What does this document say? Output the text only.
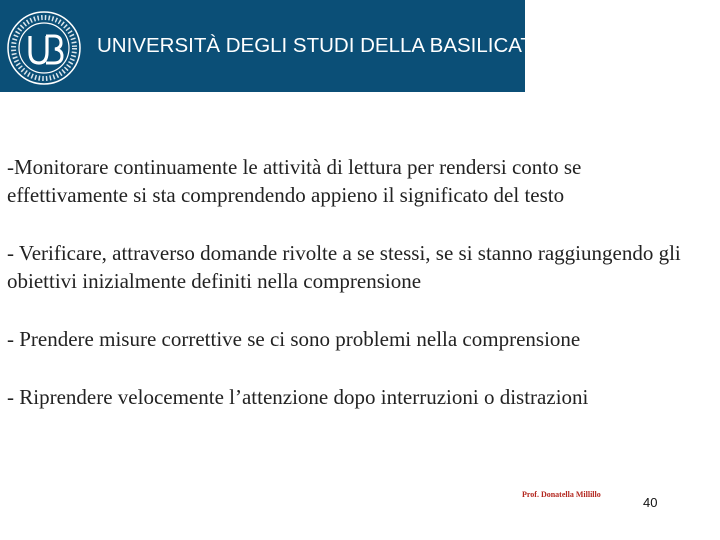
UNIVERSITÀ DEGLI STUDI DELLA BASILICATA

-Monitorare continuamente le attività di lettura per rendersi conto se effettivamente si sta comprendendo appieno il significato del testo

- Verificare, attraverso domande rivolte a se stessi, se si stanno raggiungendo gli obiettivi inizialmente definiti nella comprensione

- Prendere misure correttive se ci sono problemi nella comprensione

- Riprendere velocemente l’attenzione dopo interruzioni o distrazioni

Prof. Donatella Millillo
40
